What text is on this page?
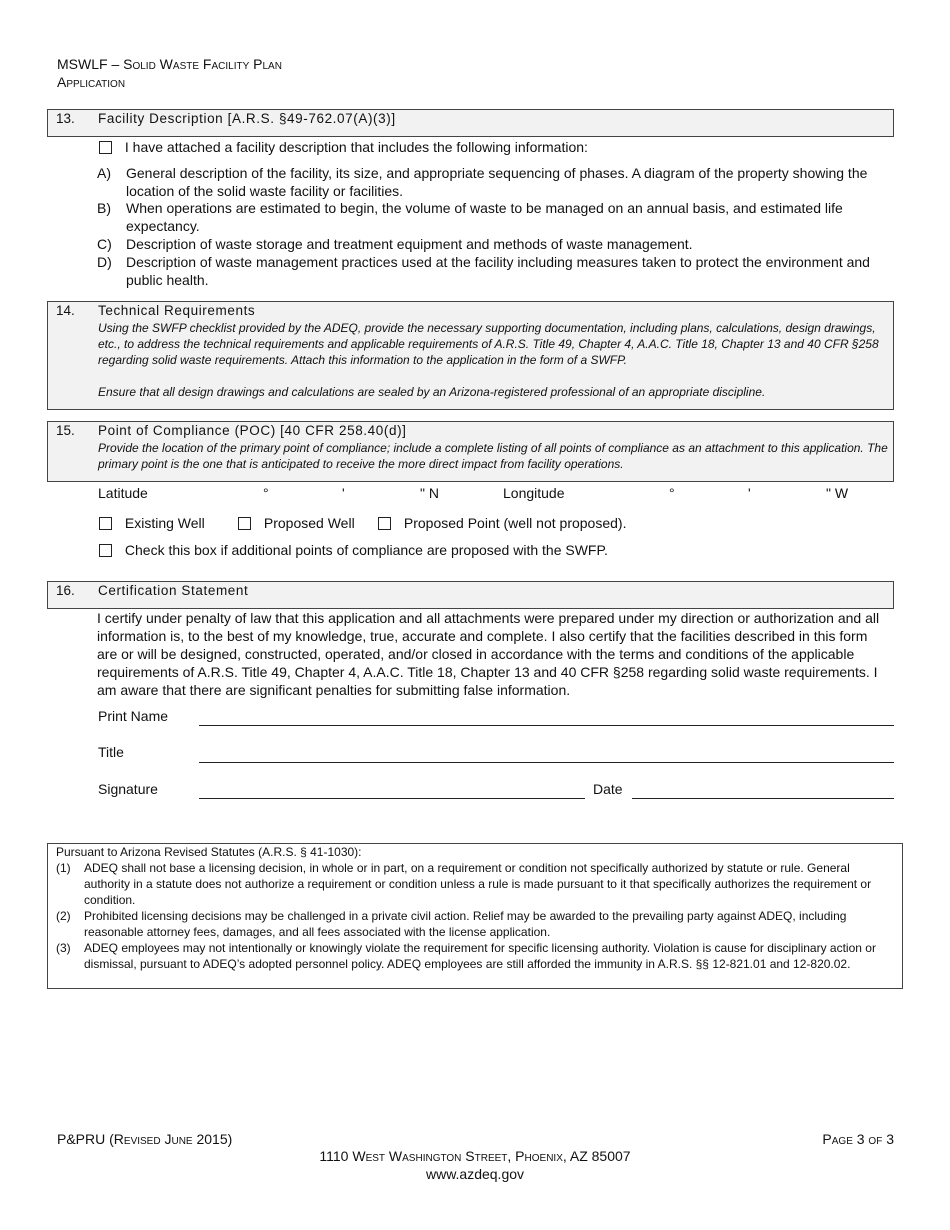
MSWLF – Solid Waste Facility Plan
Application
13. Facility Description [A.R.S. §49-762.07(A)(3)]
I have attached a facility description that includes the following information:
A)	General description of the facility, its size, and appropriate sequencing of phases. A diagram of the property showing the location of the solid waste facility or facilities.
B)	When operations are estimated to begin, the volume of waste to be managed on an annual basis, and estimated life expectancy.
C)	Description of waste storage and treatment equipment and methods of waste management.
D)	Description of waste management practices used at the facility including measures taken to protect the environment and public health.
14. Technical Requirements
Using the SWFP checklist provided by the ADEQ, provide the necessary supporting documentation, including plans, calculations, design drawings, etc., to address the technical requirements and applicable requirements of A.R.S. Title 49, Chapter 4, A.A.C. Title 18, Chapter 13 and 40 CFR §258 regarding solid waste requirements. Attach this information to the application in the form of a SWFP.
Ensure that all design drawings and calculations are sealed by an Arizona-registered professional of an appropriate discipline.
15. Point of Compliance (POC) [40 CFR 258.40(d)]
Provide the location of the primary point of compliance; include a complete listing of all points of compliance as an attachment to this application. The primary point is the one that is anticipated to receive the more direct impact from facility operations.
Latitude	°	'	" N	Longitude	°	'	" W
Existing Well	Proposed Well	Proposed Point (well not proposed).
Check this box if additional points of compliance are proposed with the SWFP.
16. Certification Statement
I certify under penalty of law that this application and all attachments were prepared under my direction or authorization and all information is, to the best of my knowledge, true, accurate and complete. I also certify that the facilities described in this form are or will be designed, constructed, operated, and/or closed in accordance with the terms and conditions of the applicable requirements of A.R.S. Title 49, Chapter 4, A.A.C. Title 18, Chapter 13 and 40 CFR §258 regarding solid waste requirements. I am aware that there are significant penalties for submitting false information.
Print Name
Title
Signature	Date
Pursuant to Arizona Revised Statutes (A.R.S. § 41-1030):
(1) ADEQ shall not base a licensing decision, in whole or in part, on a requirement or condition not specifically authorized by statute or rule. General authority in a statute does not authorize a requirement or condition unless a rule is made pursuant to it that specifically authorizes the requirement or condition.
(2) Prohibited licensing decisions may be challenged in a private civil action. Relief may be awarded to the prevailing party against ADEQ, including reasonable attorney fees, damages, and all fees associated with the license application.
(3) ADEQ employees may not intentionally or knowingly violate the requirement for specific licensing authority. Violation is cause for disciplinary action or dismissal, pursuant to ADEQ’s adopted personnel policy. ADEQ employees are still afforded the immunity in A.R.S. §§ 12-821.01 and 12-820.02.
P&PRU (Revised June 2015)	Page 3 of 3
1110 West Washington Street, Phoenix, AZ 85007
www.azdeq.gov
